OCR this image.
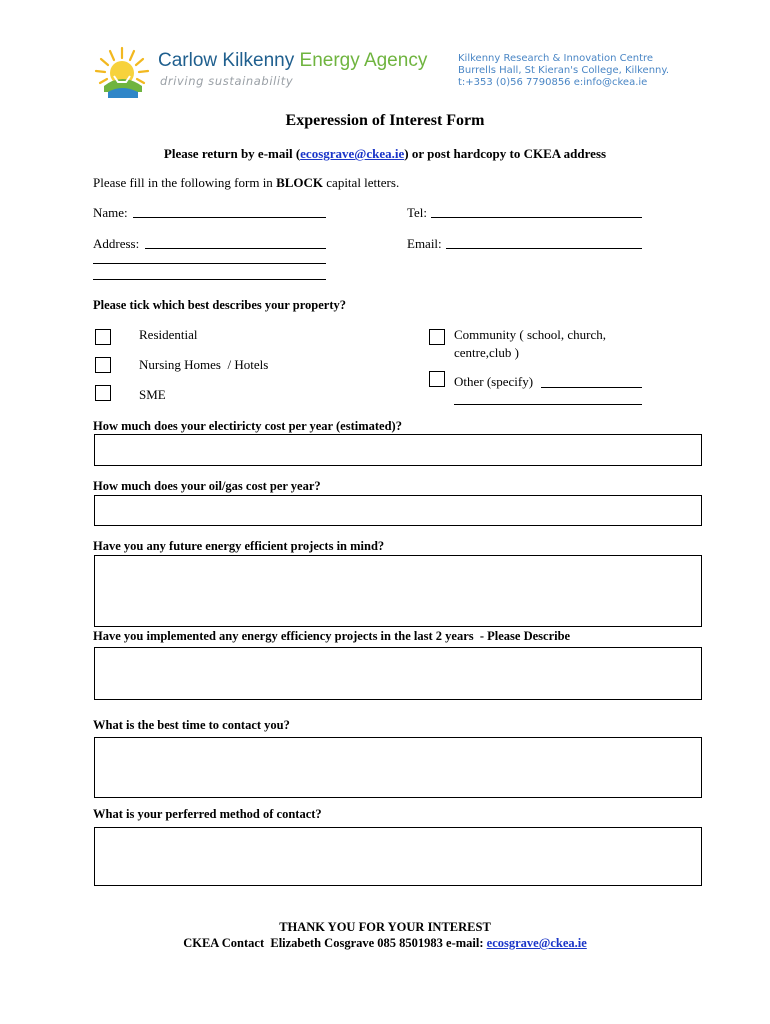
Carlow Kilkenny Energy Agency
driving sustainability
Kilkenny Research & Innovation Centre
Burrells Hall, St Kieran's College, Kilkenny.
t:+353 (0)56 7790856 e:info@ckea.ie
Experession of Interest Form
Please return by e-mail (ecosgrave@ckea.ie) or post hardcopy to CKEA address
Please fill in the following form in BLOCK capital letters.
Name:	Tel:
Address:	Email:
Please tick which best describes your property?
Residential
Nursing Homes  / Hotels
SME
Community ( school, church,
centre,club )
Other (specify)
How much does your electiricty cost per year (estimated)?
How much does your oil/gas cost per year?
Have you any future energy efficient projects in mind?
Have you implemented any energy efficiency projects in the last 2 years  - Please Describe
What is the best time to contact you?
What is your perferred method of contact?
THANK YOU FOR YOUR INTEREST
CKEA Contact  Elizabeth Cosgrave 085 8501983 e-mail: ecosgrave@ckea.ie
